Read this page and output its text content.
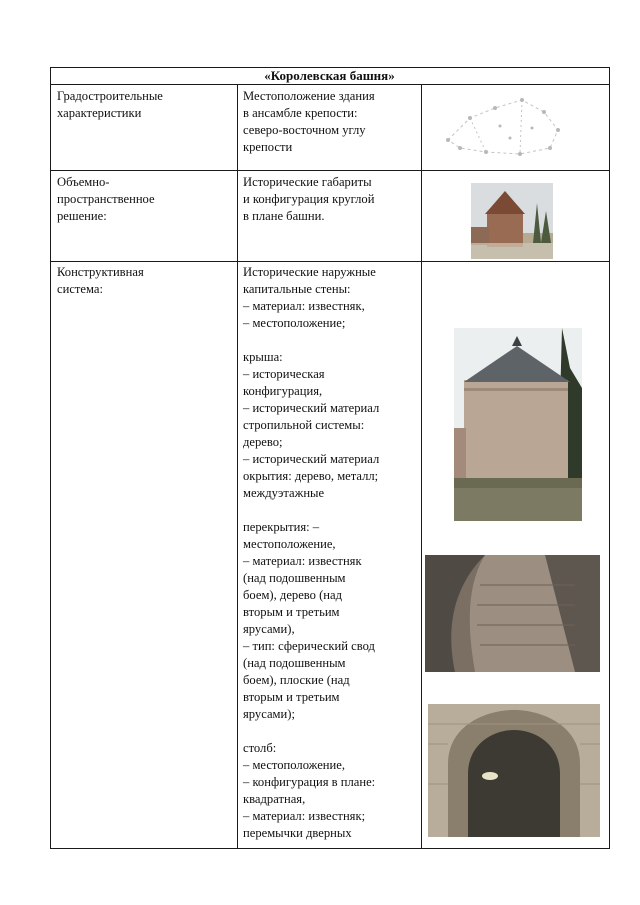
«Королевская башня»
Градостроительные
характеристики
Местоположение здания
в ансамбле крепости:
северо-восточном углу
крепости
Объемно-
пространственное
решение:
Исторические габариты
и конфигурация круглой
в плане башни.
Конструктивная
система:
Исторические наружные
капитальные стены:
– материал: известняк,
– местоположение;

крыша:
– историческая
конфигурация,
– исторический материал
стропильной системы:
дерево;
– исторический материал
окрытия: дерево, металл;
междуэтажные

перекрытия: –
местоположение,
– материал: известняк
(над подошвенным
боем), дерево (над
вторым и третьим
ярусами),
– тип: сферический свод
(над подошвенным
боем), плоские (над
вторым и третьим
ярусами);

столб:
– местоположение,
– конфигурация в плане:
квадратная,
– материал: известняк;
перемычки дверных
